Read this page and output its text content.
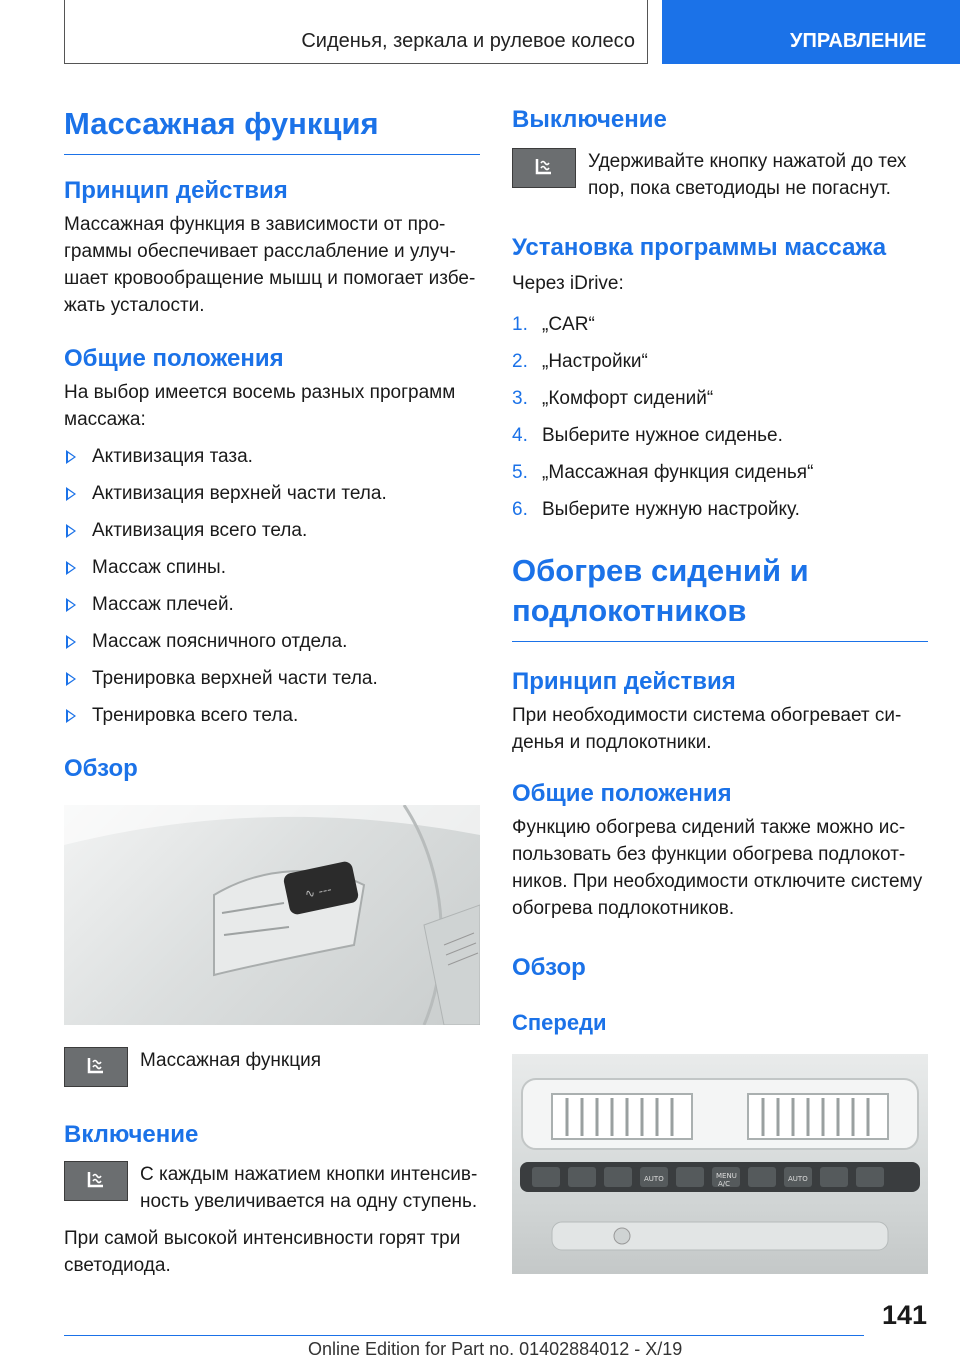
Сиденья, зеркала и рулевое колесо	УПРАВЛЕНИЕ
Массажная функция
Принцип действия

Массажная функция в зависимости от программы обеспечивает расслабление и улучшает кровообращение мышц и помогает избежать усталости.

Общие положения

На выбор имеется восемь разных программ массажа:

Активизация таза.
Активизация верхней части тела.
Активизация всего тела.
Массаж спины.
Массаж плечей.
Массаж поясничного отдела.
Тренировка верхней части тела.
Тренировка всего тела.
Обзор
∿ ---

Массажная функция

Включение

С каждым нажатием кнопки интенсивность увеличивается на одну ступень.

При самой высокой интенсивности горят три светодиода.

Выключение

Удерживайте кнопку нажатой до тех пор, пока светодиоды не погаснут.

Установка программы массажа

Через iDrive:

1. „CAR“
2. „Настройки“
3. „Комфорт сидений“
4. Выберите нужное сиденье.
5. „Массажная функция сиденья“
6. Выберите нужную настройку.
Обогрев сидений и подлокотников
Принцип действия

При необходимости система обогревает сиденья и подлокотники.

Общие положения

Функцию обогрева сидений также можно использовать без функции обогрева подлокотников. При необходимости отключите систему обогрева подлокотников.

Обзор
Спереди
MENU
AUTO
A/C
AUTO
141
Online Edition for Part no. 01402884012 - X/19
